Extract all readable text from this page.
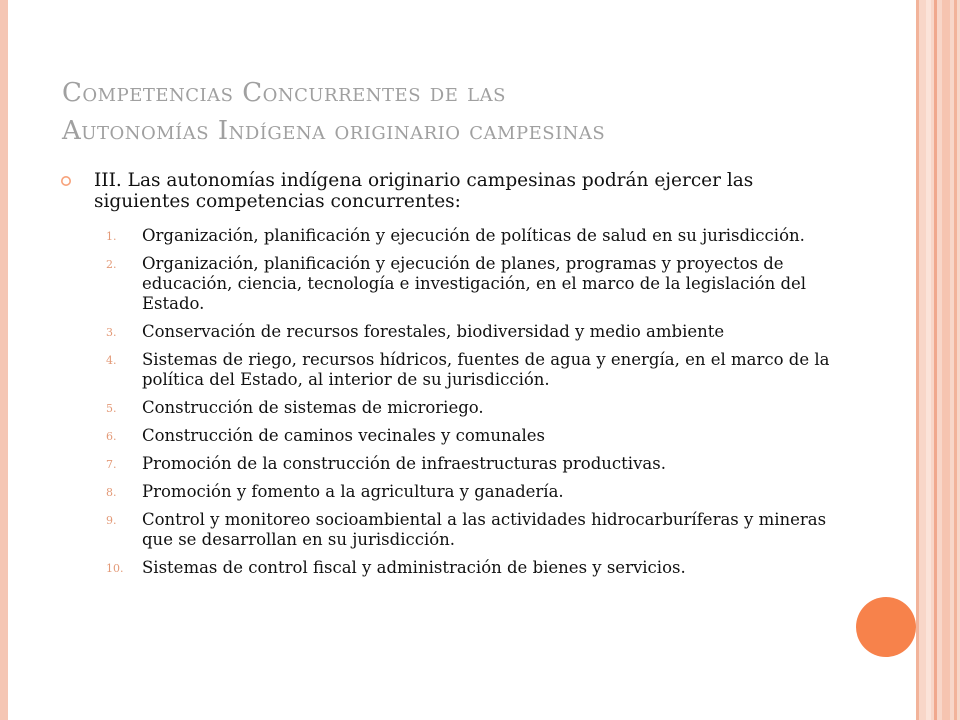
Competencias Concurrentes de las
Autonomías Indígena originario campesinas
III. Las autonomías indígena originario campesinas podrán ejercer las siguientes competencias concurrentes:
1. Organización, planificación y ejecución de políticas de salud en su jurisdicción.
2. Organización, planificación y ejecución de planes, programas y proyectos de educación, ciencia, tecnología e investigación, en el marco de la legislación del Estado.
3. Conservación de recursos forestales, biodiversidad y medio ambiente
4. Sistemas de riego, recursos hídricos, fuentes de agua y energía, en el marco de la política del Estado, al interior de su jurisdicción.
5. Construcción de sistemas de microriego.
6. Construcción de caminos vecinales y comunales
7. Promoción de la construcción de infraestructuras productivas.
8. Promoción y fomento a la agricultura y ganadería.
9. Control y monitoreo socioambiental a las actividades hidrocarburíferas y mineras que se desarrollan en su jurisdicción.
10. Sistemas de control fiscal y administración de bienes y servicios.
